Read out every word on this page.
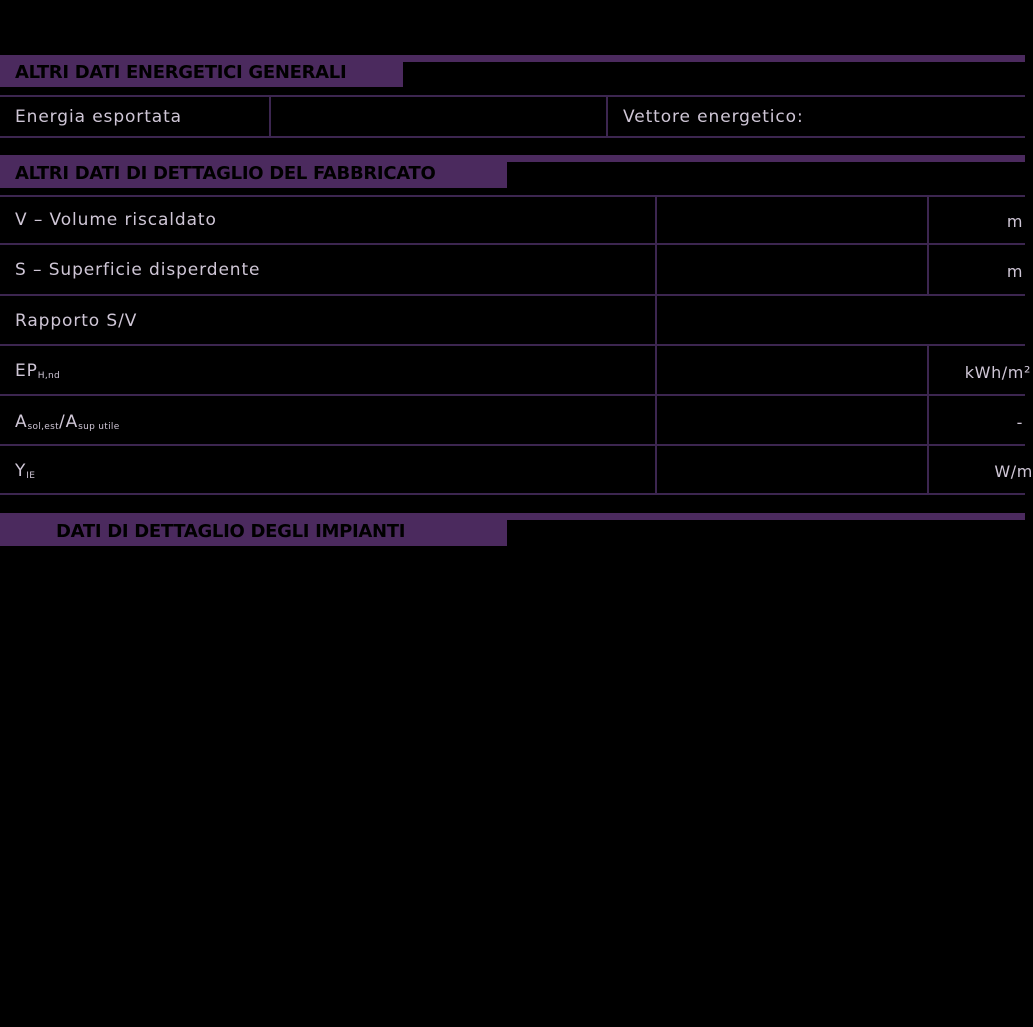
ALTRI DATI ENERGETICI GENERALI
Energia esportata	Vettore energetico:
ALTRI DATI DI DETTAGLIO DEL FABBRICATO
V – Volume riscaldato	m
S – Superficie disperdente	m
Rapporto S/V
$EP_{H,nd}$	kWh/m²
$A_{sol,est}/A_{sup utile}$	-
$Y_{IE}$	W/m
DATI DI DETTAGLIO DEGLI IMPIANTI
